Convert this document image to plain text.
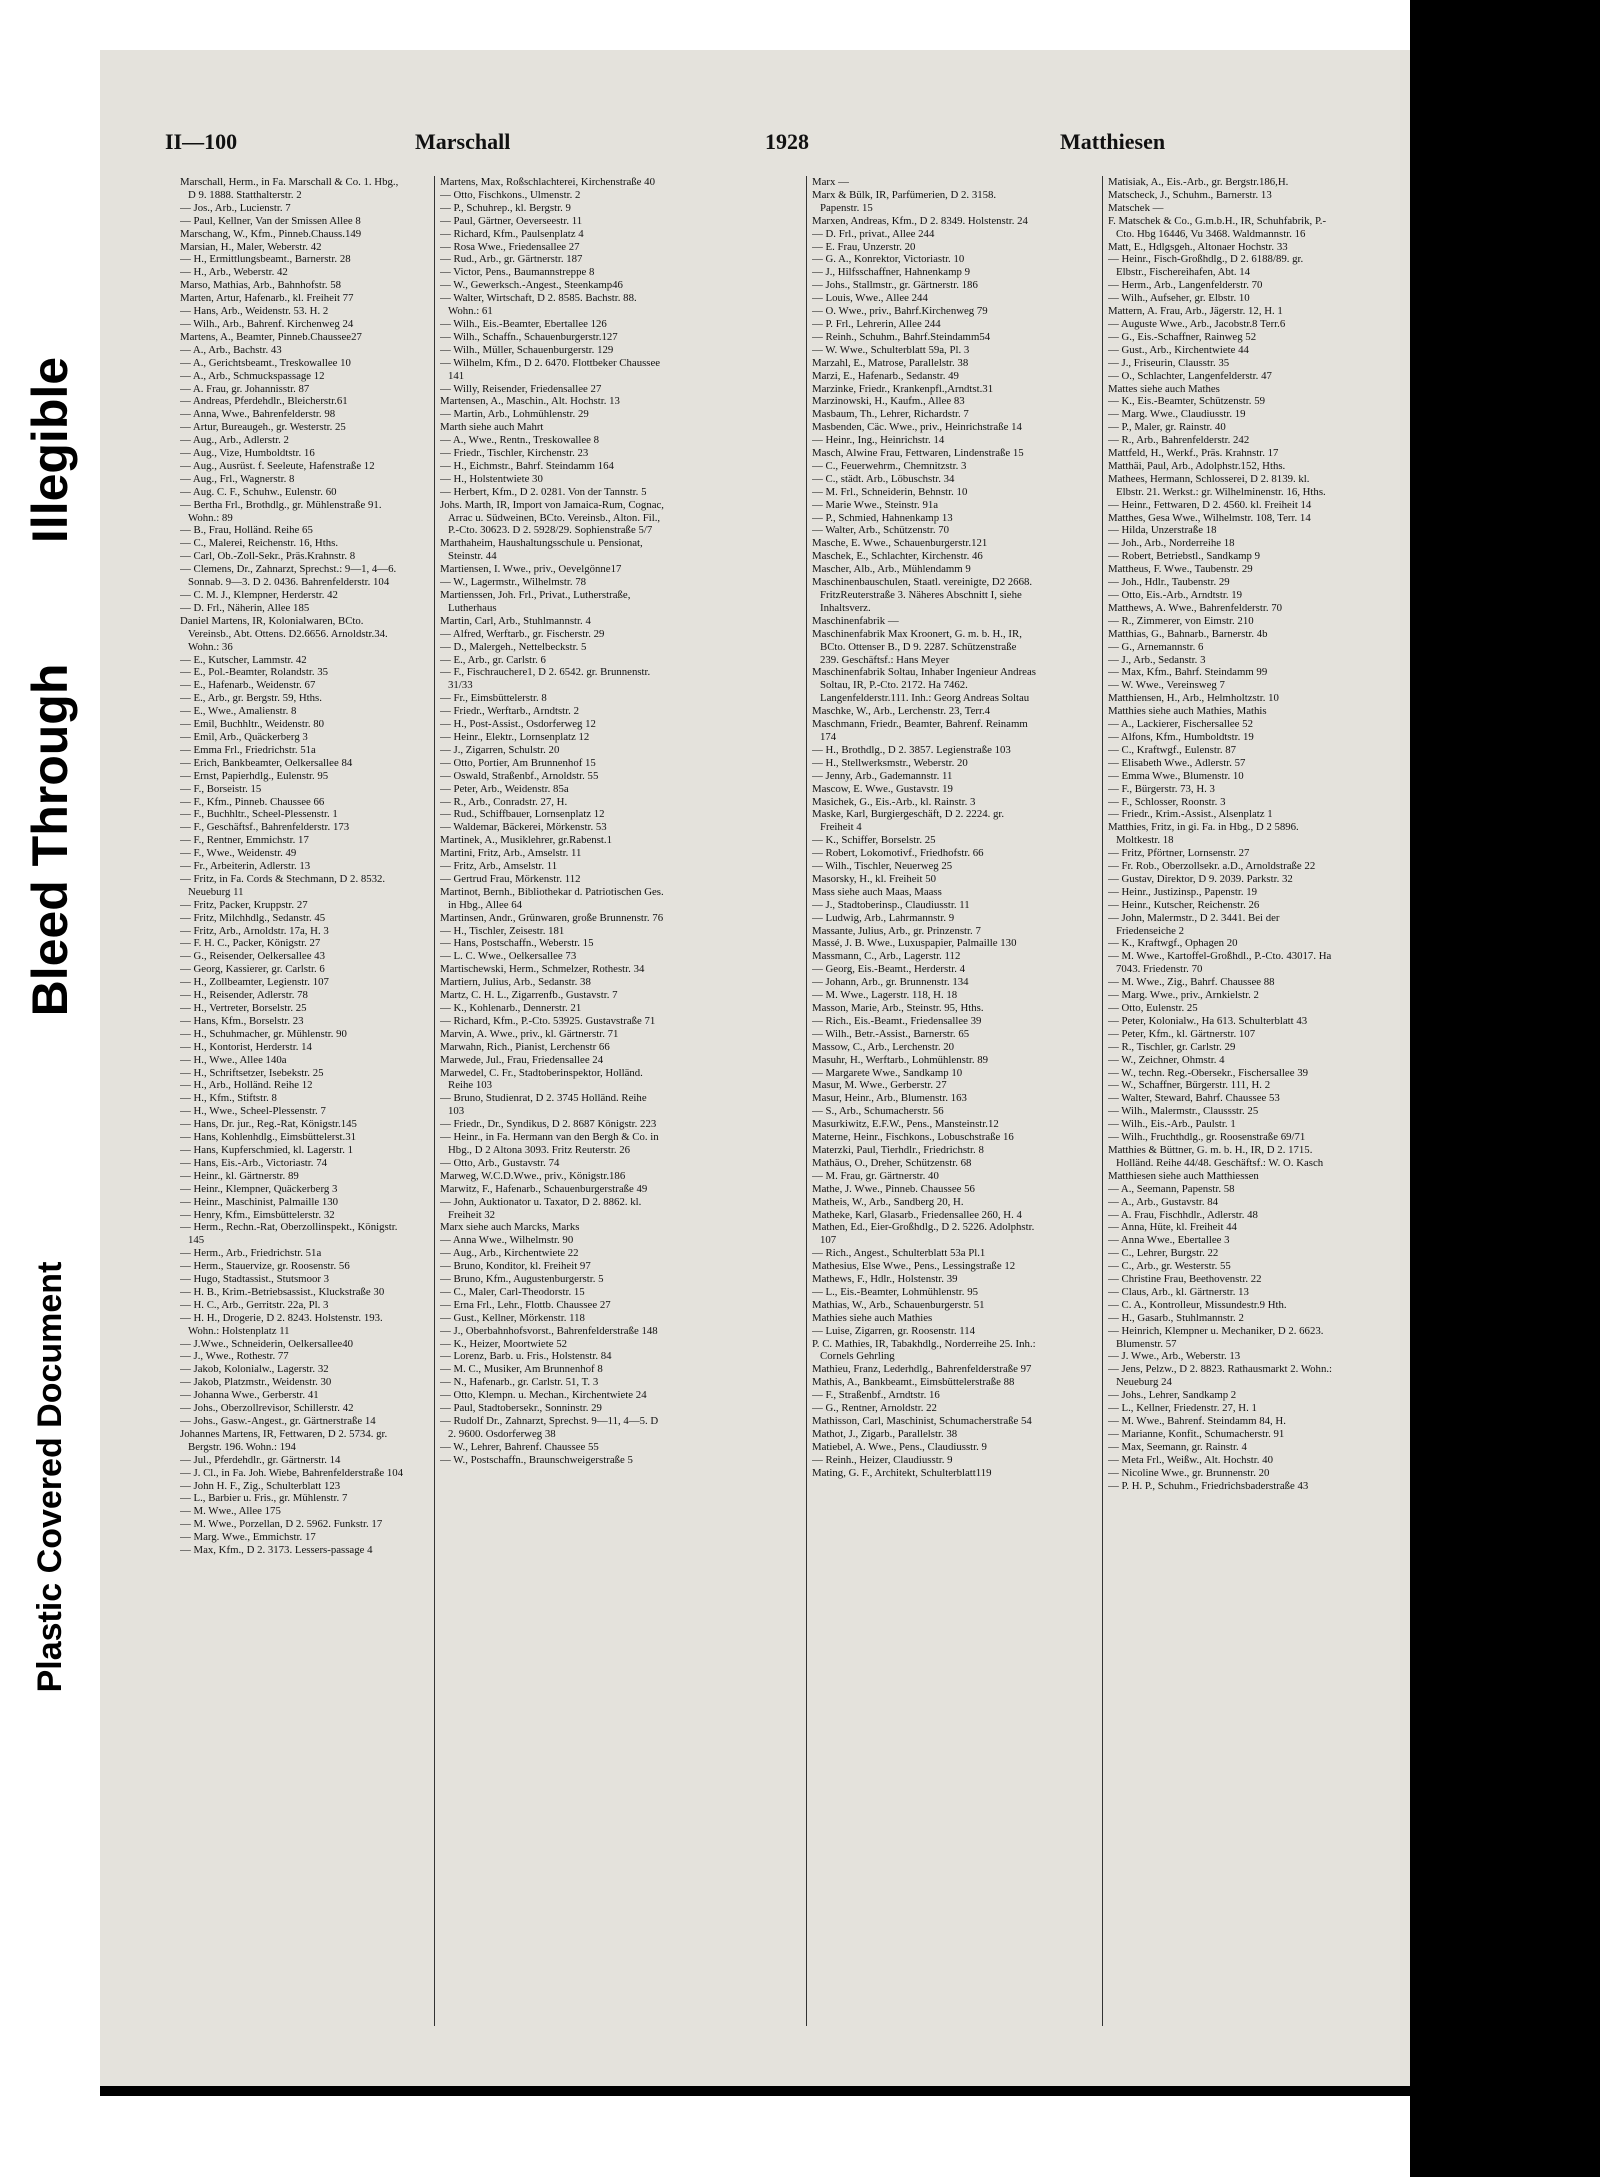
Illegible
Bleed Through
Plastic Covered Document
II—100	Marschall	1928	Matthiesen

Marschall, Herm., in Fa. Marschall & Co. 1. Hbg., D 9. 1888. Statthalterstr. 2

— Jos., Arb., Lucienstr. 7

— Paul, Kellner, Van der Smissen Allee 8

Marschang, W., Kfm., Pinneb.Chauss.149

Marsian, H., Maler, Weberstr. 42

— H., Ermittlungsbeamt., Barnerstr. 28

— H., Arb., Weberstr. 42

Marso, Mathias, Arb., Bahnhofstr. 58

Marten, Artur, Hafenarb., kl. Freiheit 77

— Hans, Arb., Weidenstr. 53. H. 2

— Wilh., Arb., Bahrenf. Kirchenweg 24

Martens, A., Beamter, Pinneb.Chaussee27

— A., Arb., Bachstr. 43

— A., Gerichtsbeamt., Treskowallee 10

— A., Arb., Schmuckspassage 12

— A. Frau, gr. Johannisstr. 87

— Andreas, Pferdehdlr., Bleicherstr.61

— Anna, Wwe., Bahrenfelderstr. 98

— Artur, Bureaugeh., gr. Westerstr. 25

— Aug., Arb., Adlerstr. 2

— Aug., Vize, Humboldtstr. 16

— Aug., Ausrüst. f. Seeleute, Hafenstraße 12

— Aug., Frl., Wagnerstr. 8

— Aug. C. F., Schuhw., Eulenstr. 60

— Bertha Frl., Brothdlg., gr. Mühlenstraße 91. Wohn.: 89

— B., Frau, Holländ. Reihe 65

— C., Malerei, Reichenstr. 16, Hths.

— Carl, Ob.-Zoll-Sekr., Präs.Krahnstr. 8

— Clemens, Dr., Zahnarzt, Sprechst.: 9—1, 4—6. Sonnab. 9—3. D 2. 0436. Bahrenfelderstr. 104

— C. M. J., Klempner, Herderstr. 42

— D. Frl., Näherin, Allee 185

Daniel Martens, IR, Kolonialwaren, BCto. Vereinsb., Abt. Ottens. D2.6656. Arnoldstr.34. Wohn.: 36

— E., Kutscher, Lammstr. 42

— E., Pol.-Beamter, Rolandstr. 35

— E., Hafenarb., Weidenstr. 67

— E., Arb., gr. Bergstr. 59, Hths.

— E., Wwe., Amalienstr. 8

— Emil, Buchhltr., Weidenstr. 80

— Emil, Arb., Quäckerberg 3

— Emma Frl., Friedrichstr. 51a

— Erich, Bankbeamter, Oelkersallee 84

— Ernst, Papierhdlg., Eulenstr. 95

— F., Borseistr. 15

— F., Kfm., Pinneb. Chaussee 66

— F., Buchhltr., Scheel-Plessenstr. 1

— F., Geschäftsf., Bahrenfelderstr. 173

— F., Rentner, Emmichstr. 17

— F., Wwe., Weidenstr. 49

— Fr., Arbeiterin, Adlerstr. 13

— Fritz, in Fa. Cords & Stechmann, D 2. 8532. Neueburg 11

— Fritz, Packer, Kruppstr. 27

— Fritz, Milchhdlg., Sedanstr. 45

— Fritz, Arb., Arnoldstr. 17a, H. 3

— F. H. C., Packer, Königstr. 27

— G., Reisender, Oelkersallee 43

— Georg, Kassierer, gr. Carlstr. 6

— H., Zollbeamter, Legienstr. 107

— H., Reisender, Adlerstr. 78

— H., Vertreter, Borselstr. 25

— Hans, Kfm., Borselstr. 23

— H., Schuhmacher, gr. Mühlenstr. 90

— H., Kontorist, Herderstr. 14

— H., Wwe., Allee 140a

— H., Schriftsetzer, Isebekstr. 25

— H., Arb., Holländ. Reihe 12

— H., Kfm., Stiftstr. 8

— H., Wwe., Scheel-Plessenstr. 7

— Hans, Dr. jur., Reg.-Rat, Königstr.145

— Hans, Kohlenhdlg., Eimsbüttelerst.31

— Hans, Kupferschmied, kl. Lagerstr. 1

— Hans, Eis.-Arb., Victoriastr. 74

— Heinr., kl. Gärtnerstr. 89

— Heinr., Klempner, Quäckerberg 3

— Heinr., Maschinist, Palmaille 130

— Henry, Kfm., Eimsbüttelerstr. 32

— Herm., Rechn.-Rat, Oberzollinspekt., Königstr. 145

— Herm., Arb., Friedrichstr. 51a

— Herm., Stauervize, gr. Roosenstr. 56

— Hugo, Stadtassist., Stutsmoor 3

— H. B., Krim.-Betriebsassist., Kluckstraße 30

— H. C., Arb., Gerritstr. 22a, Pl. 3

— H. H., Drogerie, D 2. 8243. Holstenstr. 193. Wohn.: Holstenplatz 11

— J.Wwe., Schneiderin, Oelkersallee40

— J., Wwe., Rothestr. 77

— Jakob, Kolonialw., Lagerstr. 32

— Jakob, Platzmstr., Weidenstr. 30

— Johanna Wwe., Gerberstr. 41

— Johs., Oberzollrevisor, Schillerstr. 42

— Johs., Gasw.-Angest., gr. Gärtnerstraße 14

Johannes Martens, IR, Fettwaren, D 2. 5734. gr. Bergstr. 196. Wohn.: 194

— Jul., Pferdehdlr., gr. Gärtnerstr. 14

— J. Cl., in Fa. Joh. Wiebe, Bahrenfelderstraße 104

— John H. F., Zig., Schulterblatt 123

— L., Barbier u. Fris., gr. Mühlenstr. 7

— M. Wwe., Allee 175

— M. Wwe., Porzellan, D 2. 5962. Funkstr. 17

— Marg. Wwe., Emmichstr. 17

— Max, Kfm., D 2. 3173. Lessers-passage 4

Martens, Max, Roßschlachterei, Kirchenstraße 40

— Otto, Fischkons., Ulmenstr. 2

— P., Schuhrep., kl. Bergstr. 9

— Paul, Gärtner, Oeverseestr. 11

— Richard, Kfm., Paulsenplatz 4

— Rosa Wwe., Friedensallee 27

— Rud., Arb., gr. Gärtnerstr. 187

— Victor, Pens., Baumannstreppe 8

— W., Gewerksch.-Angest., Steenkamp46

— Walter, Wirtschaft, D 2. 8585. Bachstr. 88. Wohn.: 61

— Wilh., Eis.-Beamter, Ebertallee 126

— Wilh., Schaffn., Schauenburgerstr.127

— Wilh., Müller, Schauenburgerstr. 129

— Wilhelm, Kfm., D 2. 6470. Flottbeker Chaussee 141

— Willy, Reisender, Friedensallee 27

Martensen, A., Maschin., Alt. Hochstr. 13

— Martin, Arb., Lohmühlenstr. 29

Marth siehe auch Mahrt

— A., Wwe., Rentn., Treskowallee 8

— Friedr., Tischler, Kirchenstr. 23

— H., Eichmstr., Bahrf. Steindamm 164

— H., Holstentwiete 30

— Herbert, Kfm., D 2. 0281. Von der Tannstr. 5

Johs. Marth, IR, Import von Jamaica-Rum, Cognac, Arrac u. Südweinen, BCto. Vereinsb., Alton. Fil., P.-Cto. 30623. D 2. 5928/29. Sophienstraße 5/7

Marthaheim, Haushaltungsschule u. Pensionat, Steinstr. 44

Martiensen, I. Wwe., priv., Oevelgönne17

— W., Lagermstr., Wilhelmstr. 78

Martienssen, Joh. Frl., Privat., Lutherstraße, Lutherhaus

Martin, Carl, Arb., Stuhlmannstr. 4

— Alfred, Werftarb., gr. Fischerstr. 29

— D., Malergeh., Nettelbeckstr. 5

— E., Arb., gr. Carlstr. 6

— F., Fischrauchere1, D 2. 6542. gr. Brunnenstr. 31/33

— Fr., Eimsbüttelerstr. 8

— Friedr., Werftarb., Arndtstr. 2

— H., Post-Assist., Osdorferweg 12

— Heinr., Elektr., Lornsenplatz 12

— J., Zigarren, Schulstr. 20

— Otto, Portier, Am Brunnenhof 15

— Oswald, Straßenbf., Arnoldstr. 55

— Peter, Arb., Weidenstr. 85a

— R., Arb., Conradstr. 27, H.

— Rud., Schiffbauer, Lornsenplatz 12

— Waldemar, Bäckerei, Mörkenstr. 53

Martinek, A., Musiklehrer, gr.Rabenst.1

Martini, Fritz, Arb., Amselstr. 11

— Fritz, Arb., Amselstr. 11

— Gertrud Frau, Mörkenstr. 112

Martinot, Bernh., Bibliothekar d. Patriotischen Ges. in Hbg., Allee 64

Martinsen, Andr., Grünwaren, große Brunnenstr. 76

— H., Tischler, Zeisestr. 181

— Hans, Postschaffn., Weberstr. 15

— L. C. Wwe., Oelkersallee 73

Martischewski, Herm., Schmelzer, Rothestr. 34

Martiern, Julius, Arb., Sedanstr. 38

Martz, C. H. L., Zigarrenfb., Gustavstr. 7

— K., Kohlenarb., Dennerstr. 21

— Richard, Kfm., P.-Cto. 53925. Gustavstraße 71

Marvin, A. Wwe., priv., kl. Gärtnerstr. 71

Marwahn, Rich., Pianist, Lerchenstr 66

Marwede, Jul., Frau, Friedensallee 24

Marwedel, C. Fr., Stadtoberinspektor, Holländ. Reihe 103

— Bruno, Studienrat, D 2. 3745 Holländ. Reihe 103

— Friedr., Dr., Syndikus, D 2. 8687 Königstr. 223

— Heinr., in Fa. Hermann van den Bergh & Co. in Hbg., D 2 Altona 3093. Fritz Reuterstr. 26

— Otto, Arb., Gustavstr. 74

Marweg, W.C.D.Wwe., priv., Königstr.186

Marwitz, F., Hafenarb., Schauenburgerstraße 49

— John, Auktionator u. Taxator, D 2. 8862. kl. Freiheit 32

Marx siehe auch Marcks, Marks

— Anna Wwe., Wilhelmstr. 90

— Aug., Arb., Kirchentwiete 22

— Bruno, Konditor, kl. Freiheit 97

— Bruno, Kfm., Augustenburgerstr. 5

— C., Maler, Carl-Theodorstr. 15

— Erna Frl., Lehr., Flottb. Chaussee 27

— Gust., Kellner, Mörkenstr. 118

— J., Oberbahnhofsvorst., Bahrenfelderstraße 148

— K., Heizer, Moortwiete 52

— Lorenz, Barb. u. Fris., Holstenstr. 84

— M. C., Musiker, Am Brunnenhof 8

— N., Hafenarb., gr. Carlstr. 51, T. 3

— Otto, Klempn. u. Mechan., Kirchentwiete 24

— Paul, Stadtobersekr., Sonninstr. 29

— Rudolf Dr., Zahnarzt, Sprechst. 9—11, 4—5. D 2. 9600. Osdorferweg 38

— W., Lehrer, Bahrenf. Chaussee 55

— W., Postschaffn., Braunschweigerstraße 5

Marx —

Marx & Bülk, IR, Parfümerien, D 2. 3158. Papenstr. 15

Marxen, Andreas, Kfm., D 2. 8349. Holstenstr. 24

— D. Frl., privat., Allee 244

— E. Frau, Unzerstr. 20

— G. A., Konrektor, Victoriastr. 10

— J., Hilfsschaffner, Hahnenkamp 9

— Johs., Stallmstr., gr. Gärtnerstr. 186

— Louis, Wwe., Allee 244

— O. Wwe., priv., Bahrf.Kirchenweg 79

— P. Frl., Lehrerin, Allee 244

— Reinh., Schuhm., Bahrf.Steindamm54

— W. Wwe., Schulterblatt 59a, Pl. 3

Marzahl, E., Matrose, Parallelstr. 38

Marzi, E., Hafenarb., Sedanstr. 49

Marzinke, Friedr., Krankenpfl.,Arndtst.31

Marzinowski, H., Kaufm., Allee 83

Masbaum, Th., Lehrer, Richardstr. 7

Masbenden, Cäc. Wwe., priv., Heinrichstraße 14

— Heinr., Ing., Heinrichstr. 14

Masch, Alwine Frau, Fettwaren, Lindenstraße 15

— C., Feuerwehrm., Chemnitzstr. 3

— C., städt. Arb., Löbuschstr. 34

— M. Frl., Schneiderin, Behnstr. 10

— Marie Wwe., Steinstr. 91a

— P., Schmied, Hahnenkamp 13

— Walter, Arb., Schützenstr. 70

Masche, E. Wwe., Schauenburgerstr.121

Maschek, E., Schlachter, Kirchenstr. 46

Mascher, Alb., Arb., Mühlendamm 9

Maschinenbauschulen, Staatl. vereinigte, D2 2668. FritzReuterstraße 3. Näheres Abschnitt I, siehe Inhaltsverz.

Maschinenfabrik —

Maschinenfabrik Max Kroonert, G. m. b. H., IR, BCto. Ottenser B., D 9. 2287. Schützenstraße 239. Geschäftsf.: Hans Meyer

Maschinenfabrik Soltau, Inhaber Ingenieur Andreas Soltau, IR, P.-Cto. 2172. Ha 7462. Langenfelderstr.111. Inh.: Georg Andreas Soltau

Maschke, W., Arb., Lerchenstr. 23, Terr.4

Maschmann, Friedr., Beamter, Bahrenf. Reinamm 174

— H., Brothdlg., D 2. 3857. Legienstraße 103

— H., Stellwerksmstr., Weberstr. 20

— Jenny, Arb., Gademannstr. 11

Mascow, E. Wwe., Gustavstr. 19

Masichek, G., Eis.-Arb., kl. Rainstr. 3

Maske, Karl, Burgiergeschäft, D 2. 2224. gr. Freiheit 4

— K., Schiffer, Borselstr. 25

— Robert, Lokomotivf., Friedhofstr. 66

— Wilh., Tischler, Neuerweg 25

Masorsky, H., kl. Freiheit 50

Mass siehe auch Maas, Maass

— J., Stadtoberinsp., Claudiusstr. 11

— Ludwig, Arb., Lahrmannstr. 9

Massante, Julius, Arb., gr. Prinzenstr. 7

Massé, J. B. Wwe., Luxuspapier, Palmaille 130

Massmann, C., Arb., Lagerstr. 112

— Georg, Eis.-Beamt., Herderstr. 4

— Johann, Arb., gr. Brunnenstr. 134

— M. Wwe., Lagerstr. 118, H. 18

Masson, Marie, Arb., Steinstr. 95, Hths.

— Rich., Eis.-Beamt., Friedensallee 39

— Wilh., Betr.-Assist., Barnerstr. 65

Massow, C., Arb., Lerchenstr. 20

Masuhr, H., Werftarb., Lohmühlenstr. 89

— Margarete Wwe., Sandkamp 10

Masur, M. Wwe., Gerberstr. 27

Masur, Heinr., Arb., Blumenstr. 163

— S., Arb., Schumacherstr. 56

Masurkiwitz, E.F.W., Pens., Mansteinstr.12

Materne, Heinr., Fischkons., Lobuschstraße 16

Materzki, Paul, Tierhdlr., Friedrichstr. 8

Mathäus, O., Dreher, Schützenstr. 68

— M. Frau, gr. Gärtnerstr. 40

Mathe, J. Wwe., Pinneb. Chaussee 56

Matheis, W., Arb., Sandberg 20, H.

Matheke, Karl, Glasarb., Friedensallee 260, H. 4

Mathen, Ed., Eier-Großhdlg., D 2. 5226. Adolphstr. 107

— Rich., Angest., Schulterblatt 53a Pl.1

Mathesius, Else Wwe., Pens., Lessingstraße 12

Mathews, F., Hdlr., Holstenstr. 39

— L., Eis.-Beamter, Lohmühlenstr. 95

Mathias, W., Arb., Schauenburgerstr. 51

Mathies siehe auch Mathies

— Luise, Zigarren, gr. Roosenstr. 114

P. C. Mathies, IR, Tabakhdlg., Norderreihe 25. Inh.: Cornels Gehrling

Mathieu, Franz, Lederhdlg., Bahrenfelderstraße 97

Mathis, A., Bankbeamt., Eimsbüttelerstraße 88

— F., Straßenbf., Arndtstr. 16

— G., Rentner, Arnoldstr. 22

Mathisson, Carl, Maschinist, Schumacherstraße 54

Mathot, J., Zigarb., Parallelstr. 38

Matiebel, A. Wwe., Pens., Claudiusstr. 9

— Reinh., Heizer, Claudiusstr. 9

Mating, G. F., Architekt, Schulterblatt119

Matisiak, A., Eis.-Arb., gr. Bergstr.186,H.

Matscheck, J., Schuhm., Barnerstr. 13

Matschek —

F. Matschek & Co., G.m.b.H., IR, Schuhfabrik, P.-Cto. Hbg 16446, Vu 3468. Waldmannstr. 16

Matt, E., Hdlgsgeh., Altonaer Hochstr. 33

— Heinr., Fisch-Großhdlg., D 2. 6188/89. gr. Elbstr., Fischereihafen, Abt. 14

— Herm., Arb., Langenfelderstr. 70

— Wilh., Aufseher, gr. Elbstr. 10

Mattern, A. Frau, Arb., Jägerstr. 12, H. 1

— Auguste Wwe., Arb., Jacobstr.8 Terr.6

— G., Eis.-Schaffner, Rainweg 52

— Gust., Arb., Kirchentwiete 44

— J., Friseurin, Clausstr. 35

— O., Schlachter, Langenfelderstr. 47

Mattes siehe auch Mathes

— K., Eis.-Beamter, Schützenstr. 59

— Marg. Wwe., Claudiusstr. 19

— P., Maler, gr. Rainstr. 40

— R., Arb., Bahrenfelderstr. 242

Mattfeld, H., Werkf., Präs. Krahnstr. 17

Matthäi, Paul, Arb., Adolphstr.152, Hths.

Mathees, Hermann, Schlosserei, D 2. 8139. kl. Elbstr. 21. Werkst.: gr. Wilhelminenstr. 16, Hths.

— Heinr., Fettwaren, D 2. 4560. kl. Freiheit 14

Matthes, Gesa Wwe., Wilhelmstr. 108, Terr. 14

— Hilda, Unzerstraße 18

— Joh., Arb., Norderreihe 18

— Robert, Betriebstl., Sandkamp 9

Mattheus, F. Wwe., Taubenstr. 29

— Joh., Hdlr., Taubenstr. 29

— Otto, Eis.-Arb., Arndtstr. 19

Matthews, A. Wwe., Bahrenfelderstr. 70

— R., Zimmerer, von Eimstr. 210

Matthias, G., Bahnarb., Barnerstr. 4b

— G., Arnemannstr. 6

— J., Arb., Sedanstr. 3

— Max, Kfm., Bahrf. Steindamm 99

— W. Wwe., Vereinsweg 7

Matthiensen, H., Arb., Helmholtzstr. 10

Matthies siehe auch Mathies, Mathis

— A., Lackierer, Fischersallee 52

— Alfons, Kfm., Humboldtstr. 19

— C., Kraftwgf., Eulenstr. 87

— Elisabeth Wwe., Adlerstr. 57

— Emma Wwe., Blumenstr. 10

— F., Bürgerstr. 73, H. 3

— F., Schlosser, Roonstr. 3

— Friedr., Krim.-Assist., Alsenplatz 1

Matthies, Fritz, in gi. Fa. in Hbg., D 2 5896. Moltkestr. 18

— Fritz, Pförtner, Lornsenstr. 27

— Fr. Rob., Oberzollsekr. a.D., Arnoldstraße 22

— Gustav, Direktor, D 9. 2039. Parkstr. 32

— Heinr., Justizinsp., Papenstr. 19

— Heinr., Kutscher, Reichenstr. 26

— John, Malermstr., D 2. 3441. Bei der Friedenseiche 2

— K., Kraftwgf., Ophagen 20

— M. Wwe., Kartoffel-Großhdl., P.-Cto. 43017. Ha 7043. Friedenstr. 70

— M. Wwe., Zig., Bahrf. Chaussee 88

— Marg. Wwe., priv., Arnkielstr. 2

— Otto, Eulenstr. 25

— Peter, Kolonialw., Ha 613. Schulterblatt 43

— Peter, Kfm., kl. Gärtnerstr. 107

— R., Tischler, gr. Carlstr. 29

— W., Zeichner, Ohmstr. 4

— W., techn. Reg.-Obersekr., Fischersallee 39

— W., Schaffner, Bürgerstr. 111, H. 2

— Walter, Steward, Bahrf. Chaussee 53

— Wilh., Malermstr., Claussstr. 25

— Wilh., Eis.-Arb., Paulstr. 1

— Wilh., Fruchthdlg., gr. Roosenstraße 69/71

Matthies & Büttner, G. m. b. H., IR, D 2. 1715. Holländ. Reihe 44/48. Geschäftsf.: W. O. Kasch

Matthiesen siehe auch Matthiessen

— A., Seemann, Papenstr. 58

— A., Arb., Gustavstr. 84

— A. Frau, Fischhdlr., Adlerstr. 48

— Anna, Hüte, kl. Freiheit 44

— Anna Wwe., Ebertallee 3

— C., Lehrer, Burgstr. 22

— C., Arb., gr. Westerstr. 55

— Christine Frau, Beethovenstr. 22

— Claus, Arb., kl. Gärtnerstr. 13

— C. A., Kontrolleur, Missundestr.9 Hth.

— H., Gasarb., Stuhlmannstr. 2

— Heinrich, Klempner u. Mechaniker, D 2. 6623. Blumenstr. 57

— J. Wwe., Arb., Weberstr. 13

— Jens, Pelzw., D 2. 8823. Rathausmarkt 2. Wohn.: Neueburg 24

— Johs., Lehrer, Sandkamp 2

— L., Kellner, Friedenstr. 27, H. 1

— M. Wwe., Bahrenf. Steindamm 84, H.

— Marianne, Konfit., Schumacherstr. 91

— Max, Seemann, gr. Rainstr. 4

— Meta Frl., Weißw., Alt. Hochstr. 40

— Nicoline Wwe., gr. Brunnenstr. 20

— P. H. P., Schuhm., Friedrichsbaderstraße 43
